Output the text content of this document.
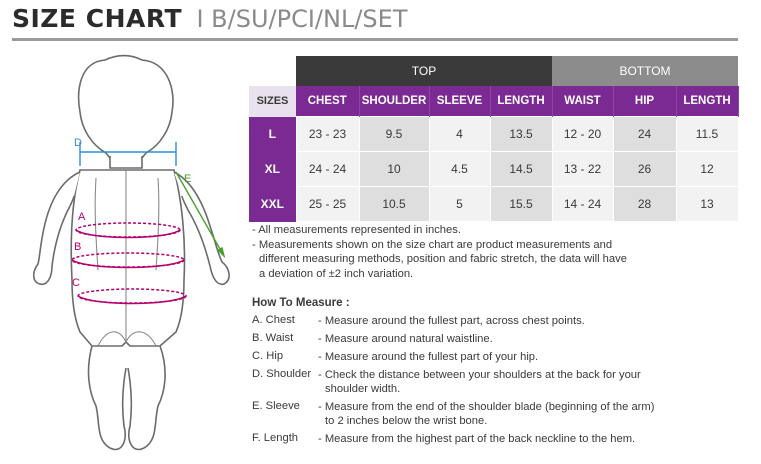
SIZE CHART I B/SU/PCI/NL/SET
D
E
A
B
C
	TOP				BOTTOM		
SIZES	CHEST	SHOULDER	SLEEVE	LENGTH	WAIST	HIP	LENGTH
L	23 - 23	9.5	4	13.5	12 - 20	24	11.5
XL	24 - 24	10	4.5	14.5	13 - 22	26	12
XXL	25 - 25	10.5	5	15.5	14 - 24	28	13
- All measurements represented in inches.
- Measurements shown on the size chart are product measurements and
different measuring methods, position and fabric stretch, the data will have
a deviation of ±2 inch variation.
How To Measure :
A. Chest	- Measure around the fullest part, across chest points.
B. Waist	- Measure around natural waistline.
C. Hip	- Measure around the fullest part of your hip.
D. Shoulder - Check the distance between your shoulders at the back for your
shoulder width.
E. Sleeve	- Measure from the end of the shoulder blade (beginning of the arm)
to 2 inches below the wrist bone.
F. Length	- Measure from the highest part of the back neckline to the hem.
